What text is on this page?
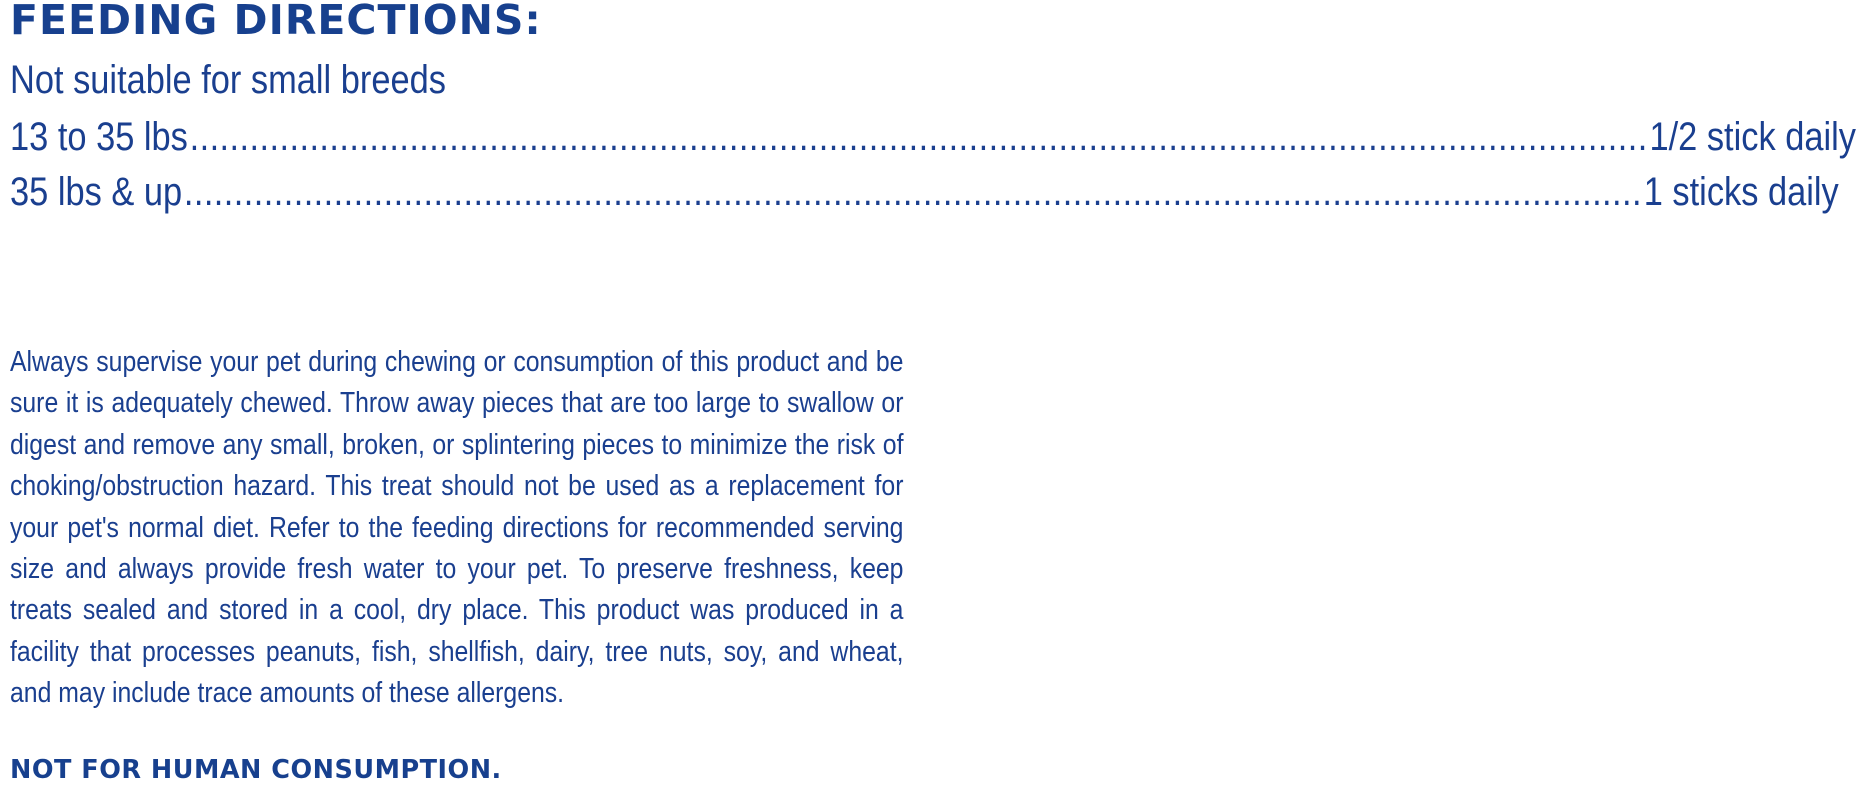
FEEDING DIRECTIONS:
Not suitable for small breeds
13 to 35 lbs .................................................................................................................................................. 1/2 stick daily
35 lbs & up .................................................................................................................................................. 1 sticks daily
Always supervise your pet during chewing or consumption of this product and be sure it is adequately chewed. Throw away pieces that are too large to swallow or digest and remove any small, broken, or splintering pieces to minimize the risk of choking/obstruction hazard. This treat should not be used as a replacement for your pet's normal diet. Refer to the feeding directions for recommended serving size and always provide fresh water to your pet. To preserve freshness, keep treats sealed and stored in a cool, dry place. This product was produced in a facility that processes peanuts, fish, shellfish, dairy, tree nuts, soy, and wheat, and may include trace amounts of these allergens.
NOT FOR HUMAN CONSUMPTION.
